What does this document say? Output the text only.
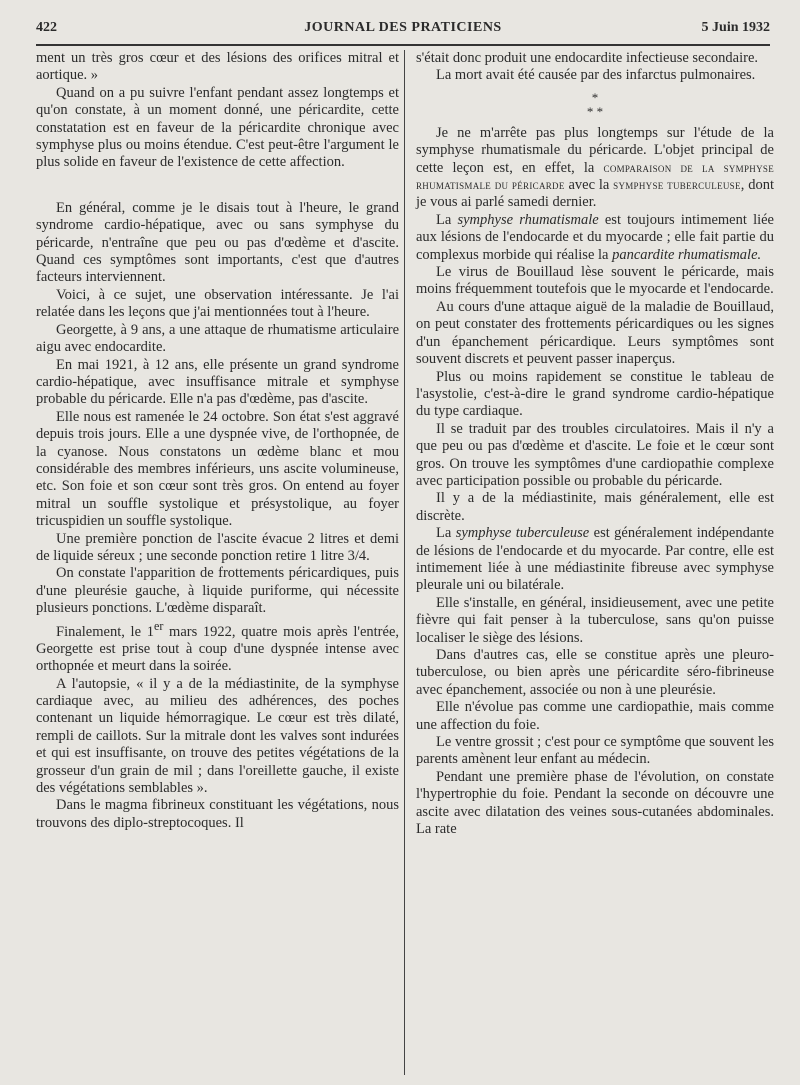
422	JOURNAL DES PRATICIENS	5 Juin 1932

ment un très gros cœur et des lésions des orifices mitral et aortique. »

Quand on a pu suivre l'enfant pendant assez longtemps et qu'on constate, à un moment donné, une péricardite, cette constatation est en faveur de la péricardite chronique avec symphyse plus ou moins étendue. C'est peut-être l'argument le plus solide en faveur de l'existence de cette affection.

En général, comme je le disais tout à l'heure, le grand syndrome cardio-hépatique, avec ou sans symphyse du péricarde, n'entraîne que peu ou pas d'œdème et d'ascite. Quand ces symptômes sont importants, c'est que d'autres facteurs interviennent.

Voici, à ce sujet, une observation intéressante. Je l'ai relatée dans les leçons que j'ai mentionnées tout à l'heure.

Georgette, à 9 ans, a une attaque de rhumatisme articulaire aigu avec endocardite.

En mai 1921, à 12 ans, elle présente un grand syndrome cardio-hépatique, avec insuffisance mitrale et symphyse probable du péricarde. Elle n'a pas d'œdème, pas d'ascite.

Elle nous est ramenée le 24 octobre. Son état s'est aggravé depuis trois jours. Elle a une dyspnée vive, de l'orthopnée, de la cyanose. Nous constatons un œdème blanc et mou considérable des membres inférieurs, uns ascite volumineuse, etc. Son foie et son cœur sont très gros. On entend au foyer mitral un souffle systolique et présystolique, au foyer tricuspidien un souffle systolique.

Une première ponction de l'ascite évacue 2 litres et demi de liquide séreux ; une seconde ponction retire 1 litre 3/4.

On constate l'apparition de frottements péricardiques, puis d'une pleurésie gauche, à liquide puriforme, qui nécessite plusieurs ponctions. L'œdème disparaît.

Finalement, le 1er mars 1922, quatre mois après l'entrée, Georgette est prise tout à coup d'une dyspnée intense avec orthopnée et meurt dans la soirée.

A l'autopsie, « il y a de la médiastinite, de la symphyse cardiaque avec, au milieu des adhérences, des poches contenant un liquide hémorragique. Le cœur est très dilaté, rempli de caillots. Sur la mitrale dont les valves sont indurées et qui est insuffisante, on trouve des petites végétations de la grosseur d'un grain de mil ; dans l'oreillette gauche, il existe des végétations semblables ».

Dans le magma fibrineux constituant les végétations, nous trouvons des diplo-streptocoques. Il

s'était donc produit une endocardite infectieuse secondaire.

La mort avait été causée par des infarctus pulmonaires.

*
* *

Je ne m'arrête pas plus longtemps sur l'étude de la symphyse rhumatismale du péricarde. L'objet principal de cette leçon est, en effet, la comparaison de la symphyse rhumatismale du péricarde avec la symphyse tuberculeuse, dont je vous ai parlé samedi dernier.

La symphyse rhumatismale est toujours intimement liée aux lésions de l'endocarde et du myocarde ; elle fait partie du complexus morbide qui réalise la pancardite rhumatismale.

Le virus de Bouillaud lèse souvent le péricarde, mais moins fréquemment toutefois que le myocarde et l'endocarde.

Au cours d'une attaque aiguë de la maladie de Bouillaud, on peut constater des frottements péricardiques ou les signes d'un épanchement péricardique. Leurs symptômes sont souvent discrets et peuvent passer inaperçus.

Plus ou moins rapidement se constitue le tableau de l'asystolie, c'est-à-dire le grand syndrome cardio-hépatique du type cardiaque.

Il se traduit par des troubles circulatoires. Mais il n'y a que peu ou pas d'œdème et d'ascite. Le foie et le cœur sont gros. On trouve les symptômes d'une cardiopathie complexe avec participation possible ou probable du péricarde.

Il y a de la médiastinite, mais généralement, elle est discrète.

La symphyse tuberculeuse est généralement indépendante de lésions de l'endocarde et du myocarde. Par contre, elle est intimement liée à une médiastinite fibreuse avec symphyse pleurale uni ou bilatérale.

Elle s'installe, en général, insidieusement, avec une petite fièvre qui fait penser à la tuberculose, sans qu'on puisse localiser le siège des lésions.

Dans d'autres cas, elle se constitue après une pleuro-tuberculose, ou bien après une péricardite séro-fibrineuse avec épanchement, associée ou non à une pleurésie.

Elle n'évolue pas comme une cardiopathie, mais comme une affection du foie.

Le ventre grossit ; c'est pour ce symptôme que souvent les parents amènent leur enfant au médecin.

Pendant une première phase de l'évolution, on constate l'hypertrophie du foie. Pendant la seconde on découvre une ascite avec dilatation des veines sous-cutanées abdominales. La rate
